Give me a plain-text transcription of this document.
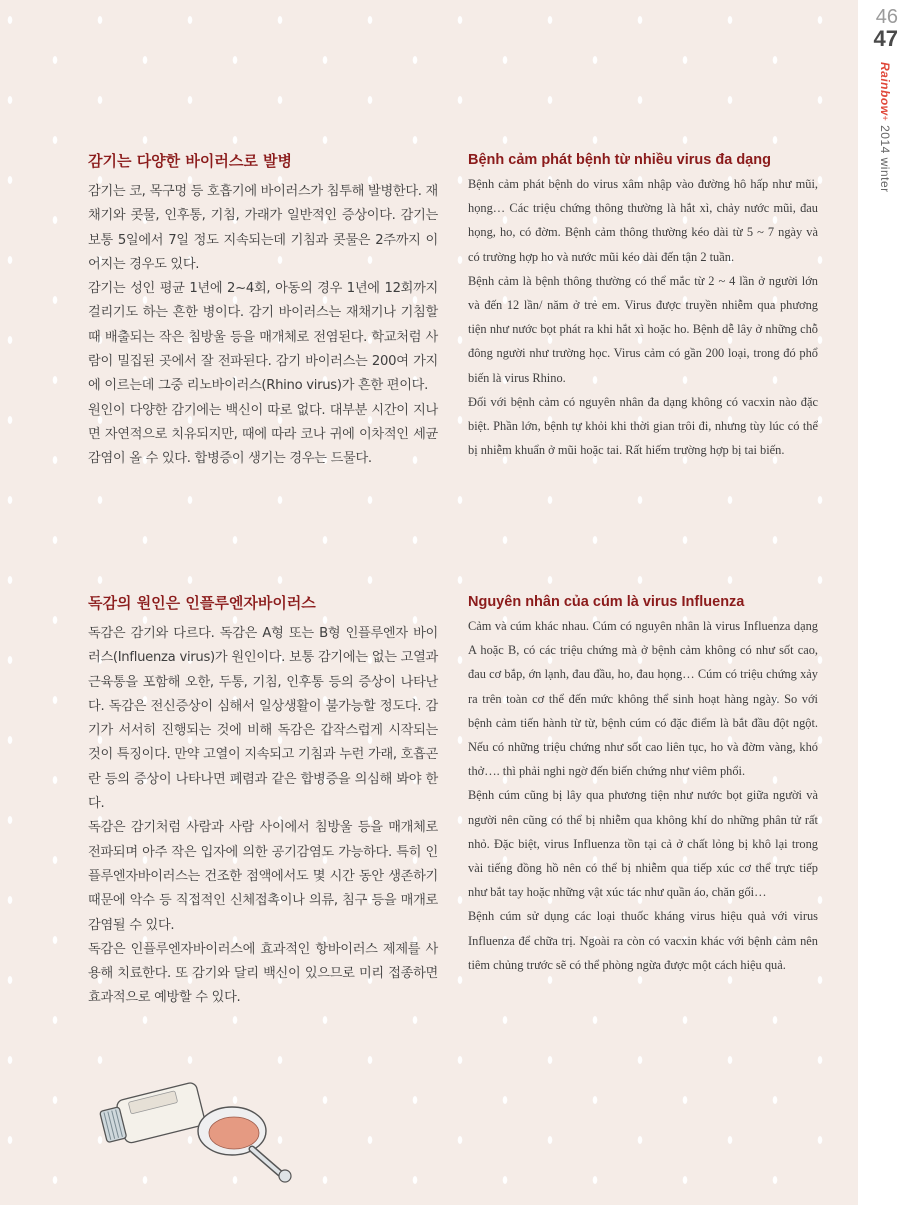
46
47
Rainbow+ 2014 winter
감기는 다양한 바이러스로 발병

감기는 코, 목구멍 등 호흡기에 바이러스가 침투해 발병한다. 재채기와 콧물, 인후통, 기침, 가래가 일반적인 증상이다. 감기는 보통 5일에서 7일 정도 지속되는데 기침과 콧물은 2주까지 이어지는 경우도 있다.

감기는 성인 평균 1년에 2~4회, 아동의 경우 1년에 12회까지 걸리기도 하는 흔한 병이다. 감기 바이러스는 재채기나 기침할 때 배출되는 작은 침방울 등을 매개체로 전염된다. 학교처럼 사람이 밀집된 곳에서 잘 전파된다. 감기 바이러스는 200여 가지에 이르는데 그중 리노바이러스(Rhino virus)가 흔한 편이다.

원인이 다양한 감기에는 백신이 따로 없다. 대부분 시간이 지나면 자연적으로 치유되지만, 때에 따라 코나 귀에 이차적인 세균 감염이 올 수 있다. 합병증이 생기는 경우는 드물다.

독감의 원인은 인플루엔자바이러스

독감은 감기와 다르다. 독감은 A형 또는 B형 인플루엔자 바이러스(Influenza virus)가 원인이다. 보통 감기에는 없는 고열과 근육통을 포함해 오한, 두통, 기침, 인후통 등의 증상이 나타난다. 독감은 전신증상이 심해서 일상생활이 불가능할 정도다. 감기가 서서히 진행되는 것에 비해 독감은 갑작스럽게 시작되는 것이 특징이다. 만약 고열이 지속되고 기침과 누런 가래, 호흡곤란 등의 증상이 나타나면 폐렴과 같은 합병증을 의심해 봐야 한다.

독감은 감기처럼 사람과 사람 사이에서 침방울 등을 매개체로 전파되며 아주 작은 입자에 의한 공기감염도 가능하다. 특히 인플루엔자바이러스는 건조한 점액에서도 몇 시간 동안 생존하기 때문에 악수 등 직접적인 신체접촉이나 의류, 침구 등을 매개로 감염될 수 있다.

독감은 인플루엔자바이러스에 효과적인 항바이러스 제제를 사용해 치료한다. 또 감기와 달리 백신이 있으므로 미리 접종하면 효과적으로 예방할 수 있다.

Bệnh cảm phát bệnh từ nhiều virus đa dạng

Bệnh cảm phát bệnh do virus xâm nhập vào đường hô hấp như mũi, họng… Các triệu chứng thông thường là hắt xì, chảy nước mũi, đau họng, ho, có đờm. Bệnh cảm thông thường kéo dài từ 5 ~ 7 ngày và có trường hợp ho và nước mũi kéo dài đến tận 2 tuần.

Bệnh cảm là bệnh thông thường có thể mắc từ 2 ~ 4 lần ở người lớn và đến 12 lần/ năm ở trẻ em. Virus được truyền nhiễm qua phương tiện như nước bọt phát ra khi hắt xì hoặc ho. Bệnh dễ lây ở những chỗ đông người như trường học. Virus cảm có gần 200 loại, trong đó phổ biến là virus Rhino.

Đối với bệnh cảm có nguyên nhân đa dạng không có vacxin nào đặc biệt. Phần lớn, bệnh tự khỏi khi thời gian trôi đi, nhưng tùy lúc có thể bị nhiễm khuẩn ở mũi hoặc tai. Rất hiếm trường hợp bị tai biến.

Nguyên nhân của cúm là virus Influenza

Cảm và cúm khác nhau. Cúm có nguyên nhân là virus Influenza dạng A hoặc B, có các triệu chứng mà ở bệnh cảm không có như sốt cao, đau cơ bắp, ớn lạnh, đau đầu, ho, đau họng… Cúm có triệu chứng xảy ra trên toàn cơ thể đến mức không thể sinh hoạt hàng ngày. So với bệnh cảm tiến hành từ từ, bệnh cúm có đặc điểm là bắt đầu đột ngột. Nếu có những triệu chứng như sốt cao liên tục, ho và đờm vàng, khó thở…. thì phải nghi ngờ đến biến chứng như viêm phổi.

Bệnh cúm cũng bị lây qua phương tiện như nước bọt giữa người và người nên cũng có thể bị nhiễm qua không khí do những phân tử rất nhỏ. Đặc biệt, virus Influenza tồn tại cả ở chất lỏng bị khô lại trong vài tiếng đồng hồ nên có thể bị nhiễm qua tiếp xúc cơ thể trực tiếp như bắt tay hoặc những vật xúc tác như quần áo, chăn gối…

Bệnh cúm sử dụng các loại thuốc kháng virus hiệu quả với virus Influenza để chữa trị. Ngoài ra còn có vacxin khác với bệnh cảm nên tiêm chủng trước sẽ có thể phòng ngừa được một cách hiệu quả.
